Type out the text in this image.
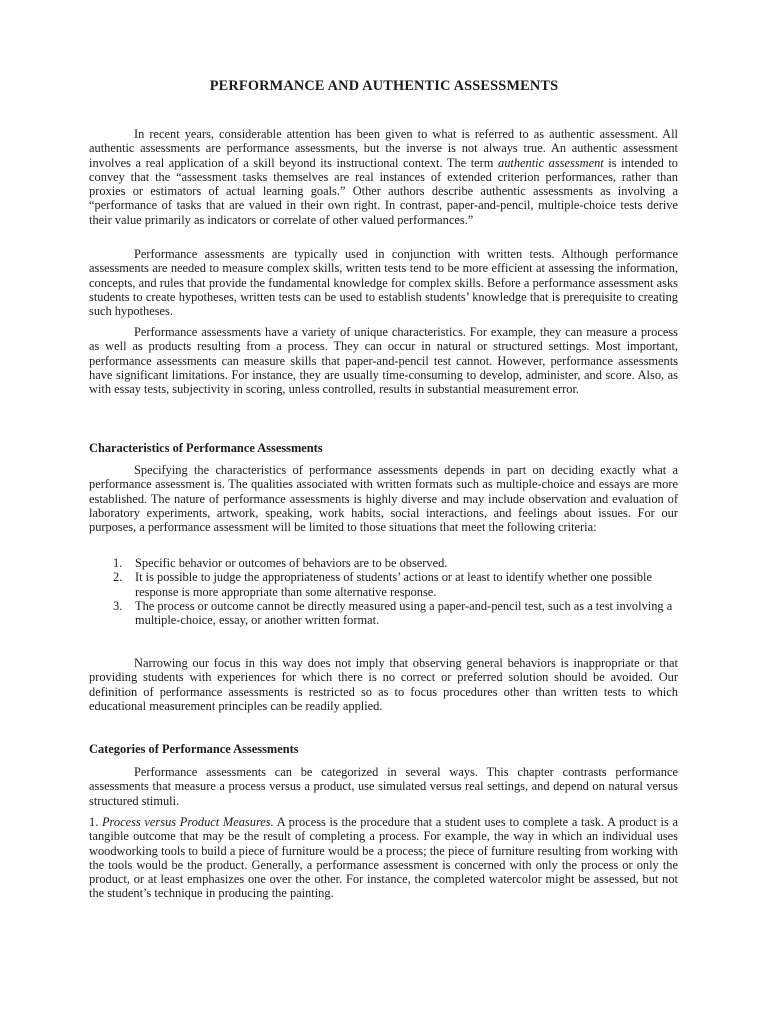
PERFORMANCE AND AUTHENTIC ASSESSMENTS

In recent years, considerable attention has been given to what is referred to as authentic assessment. All authentic assessments are performance assessments, but the inverse is not always true. An authentic assessment involves a real application of a skill beyond its instructional context. The term authentic assessment is intended to convey that the “assessment tasks themselves are real instances of extended criterion performances, rather than proxies or estimators of actual learning goals.” Other authors describe authentic assessments as involving a “performance of tasks that are valued in their own right. In contrast, paper-and-pencil, multiple-choice tests derive their value primarily as indicators or correlate of other valued performances.”

Performance assessments are typically used in conjunction with written tests. Although performance assessments are needed to measure complex skills, written tests tend to be more efficient at assessing the information, concepts, and rules that provide the fundamental knowledge for complex skills. Before a performance assessment asks students to create hypotheses, written tests can be used to establish students’ knowledge that is prerequisite to creating such hypotheses.

Performance assessments have a variety of unique characteristics. For example, they can measure a process as well as products resulting from a process. They can occur in natural or structured settings. Most important, performance assessments can measure skills that paper-and-pencil test cannot. However, performance assessments have significant limitations. For instance, they are usually time-consuming to develop, administer, and score. Also, as with essay tests, subjectivity in scoring, unless controlled, results in substantial measurement error.

Characteristics of Performance Assessments

Specifying the characteristics of performance assessments depends in part on deciding exactly what a performance assessment is. The qualities associated with written formats such as multiple-choice and essays are more established. The nature of performance assessments is highly diverse and may include observation and evaluation of laboratory experiments, artwork, speaking, work habits, social interactions, and feelings about issues. For our purposes, a performance assessment will be limited to those situations that meet the following criteria:

1. Specific behavior or outcomes of behaviors are to be observed.
2. It is possible to judge the appropriateness of students’ actions or at least to identify whether one possible response is more appropriate than some alternative response.
3. The process or outcome cannot be directly measured using a paper-and-pencil test, such as a test involving a multiple-choice, essay, or another written format.

Narrowing our focus in this way does not imply that observing general behaviors is inappropriate or that providing students with experiences for which there is no correct or preferred solution should be avoided. Our definition of performance assessments is restricted so as to focus procedures other than written tests to which educational measurement principles can be readily applied.

Categories of Performance Assessments

Performance assessments can be categorized in several ways. This chapter contrasts performance assessments that measure a process versus a product, use simulated versus real settings, and depend on natural versus structured stimuli.

1. Process versus Product Measures. A process is the procedure that a student uses to complete a task. A product is a tangible outcome that may be the result of completing a process. For example, the way in which an individual uses woodworking tools to build a piece of furniture would be a process; the piece of furniture resulting from working with the tools would be the product. Generally, a performance assessment is concerned with only the process or only the product, or at least emphasizes one over the other. For instance, the completed watercolor might be assessed, but not the student’s technique in producing the painting.
